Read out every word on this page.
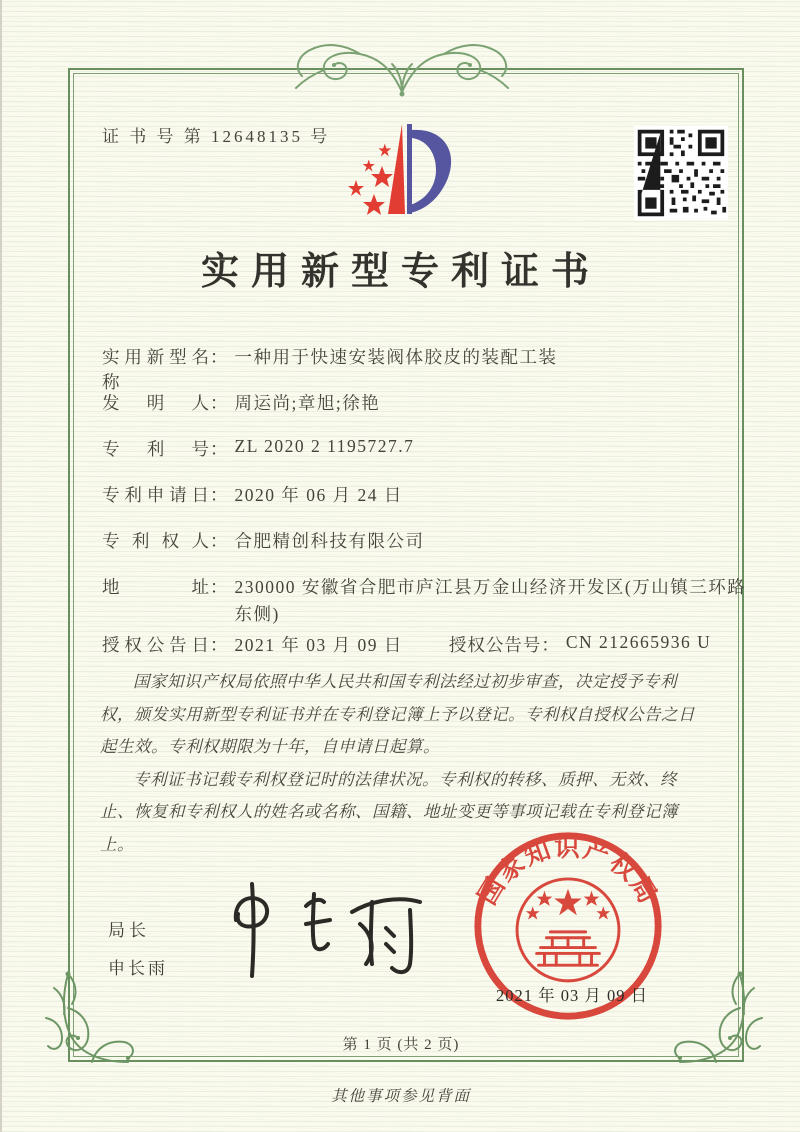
证 书 号 第 12648135 号
实用新型专利证书
实用新型名称
： 一种用于快速安装阀体胶皮的装配工装
发明人 ： 周运尚;章旭;徐艳
专利号 ： ZL 2020 2 1195727.7
专利申请日 ： 2020 年 06 月 24 日
专利权人 ： 合肥精创科技有限公司
地址 ： 230000 安徽省合肥市庐江县万金山经济开发区(万山镇三环路东侧)
授权公告日 ： 2021 年 03 月 09 日	授权公告号 ： CN 212665936 U

国家知识产权局依照中华人民共和国专利法经过初步审查，决定授予专利权，颁发实用新型专利证书并在专利登记簿上予以登记。专利权自授权公告之日起生效。专利权期限为十年，自申请日起算。

专利证书记载专利权登记时的法律状况。专利权的转移、质押、无效、终止、恢复和专利权人的姓名或名称、国籍、地址变更等事项记载在专利登记簿上。

局长
申长雨
国家知识产权局
2021 年 03 月 09 日
第 1 页 (共 2 页)
其他事项参见背面
